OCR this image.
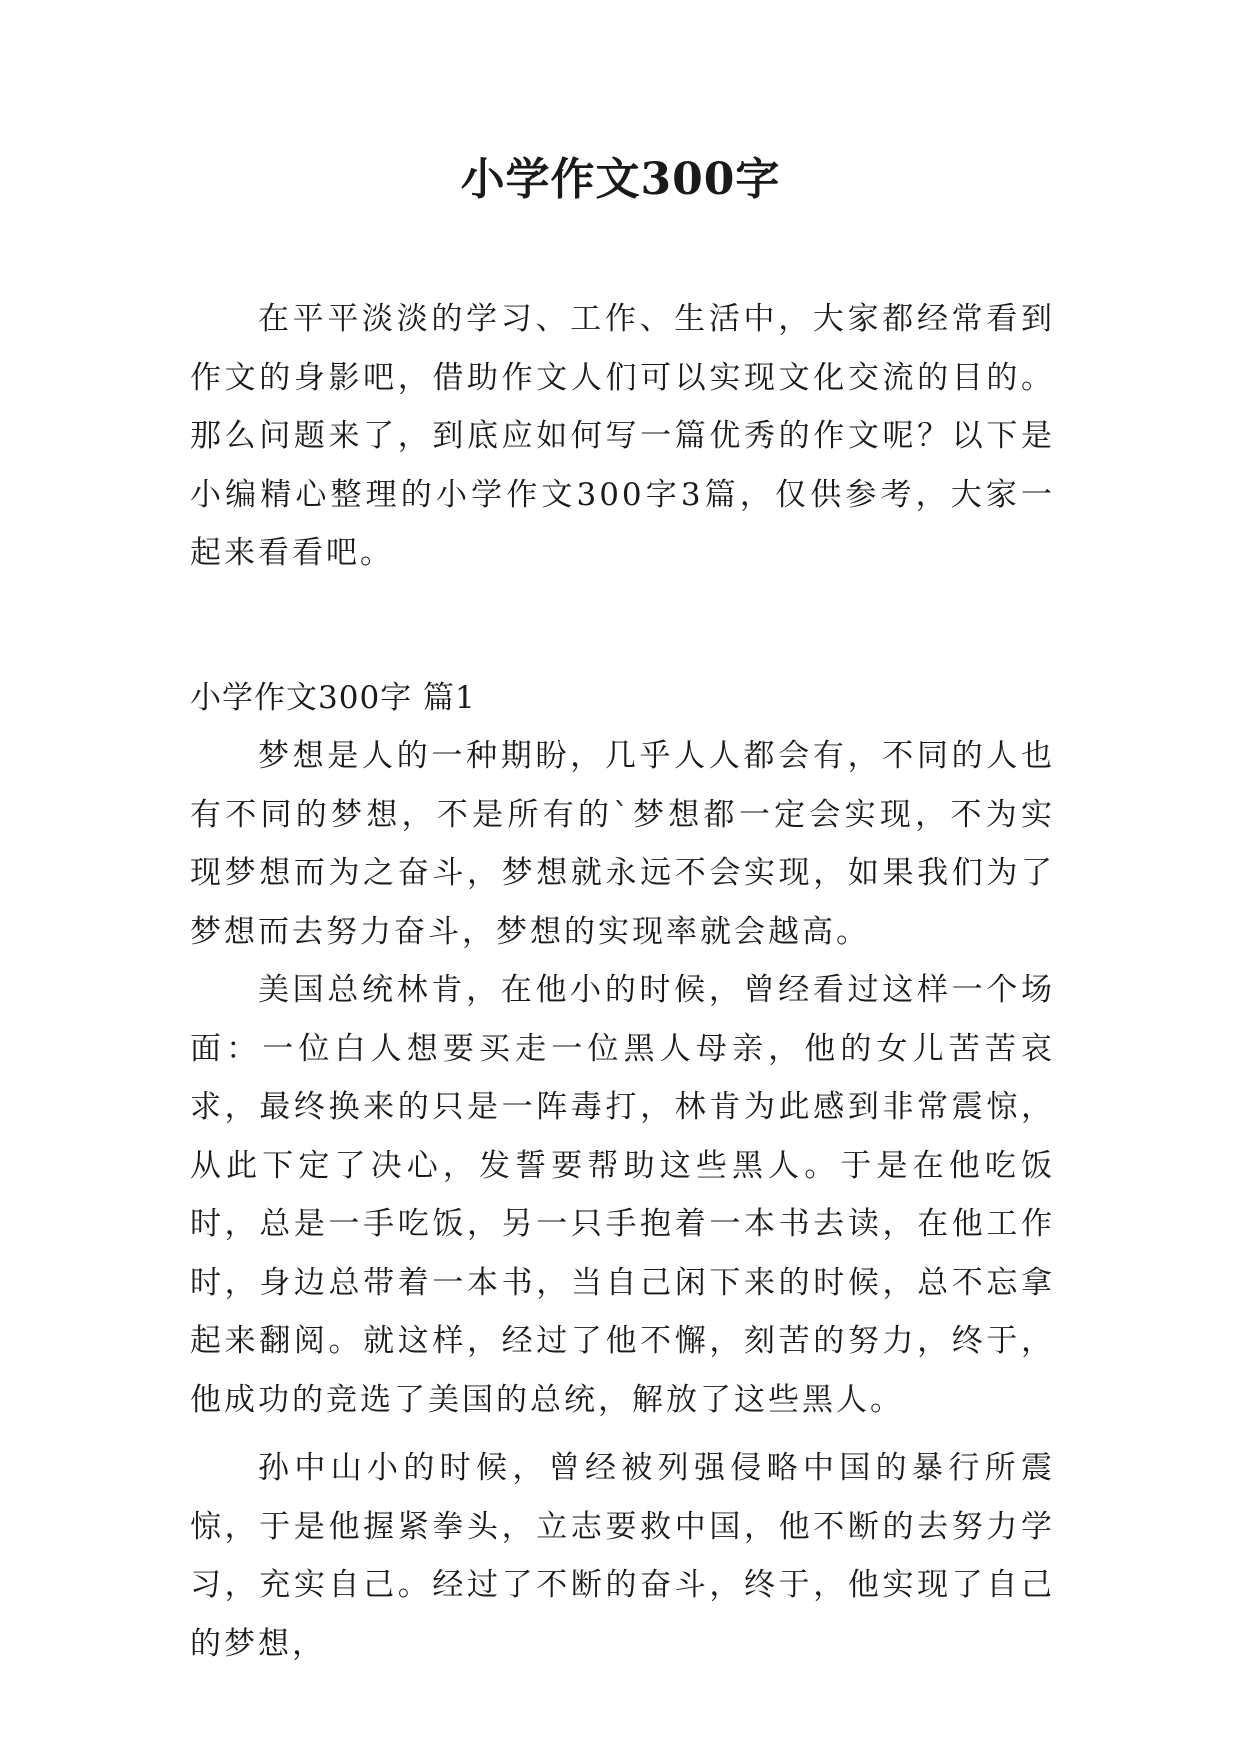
小学作文300字

在平平淡淡的学习、工作、生活中，大家都经常看到作文的身影吧，借助作文人们可以实现文化交流的目的。那么问题来了，到底应如何写一篇优秀的作文呢？以下是小编精心整理的小学作文300字3篇，仅供参考，大家一起来看看吧。

小学作文300字 篇1

梦想是人的一种期盼，几乎人人都会有，不同的人也有不同的梦想，不是所有的`梦想都一定会实现，不为实现梦想而为之奋斗，梦想就永远不会实现，如果我们为了梦想而去努力奋斗，梦想的实现率就会越高。

美国总统林肯，在他小的时候，曾经看过这样一个场面：一位白人想要买走一位黑人母亲，他的女儿苦苦哀求，最终换来的只是一阵毒打，林肯为此感到非常震惊，从此下定了决心，发誓要帮助这些黑人。于是在他吃饭时，总是一手吃饭，另一只手抱着一本书去读，在他工作时，身边总带着一本书，当自己闲下来的时候，总不忘拿起来翻阅。就这样，经过了他不懈，刻苦的努力，终于，他成功的竞选了美国的总统，解放了这些黑人。

孙中山小的时候，曾经被列强侵略中国的暴行所震惊，于是他握紧拳头，立志要救中国，他不断的去努力学习，充实自己。经过了不断的奋斗，终于，他实现了自己的梦想，
